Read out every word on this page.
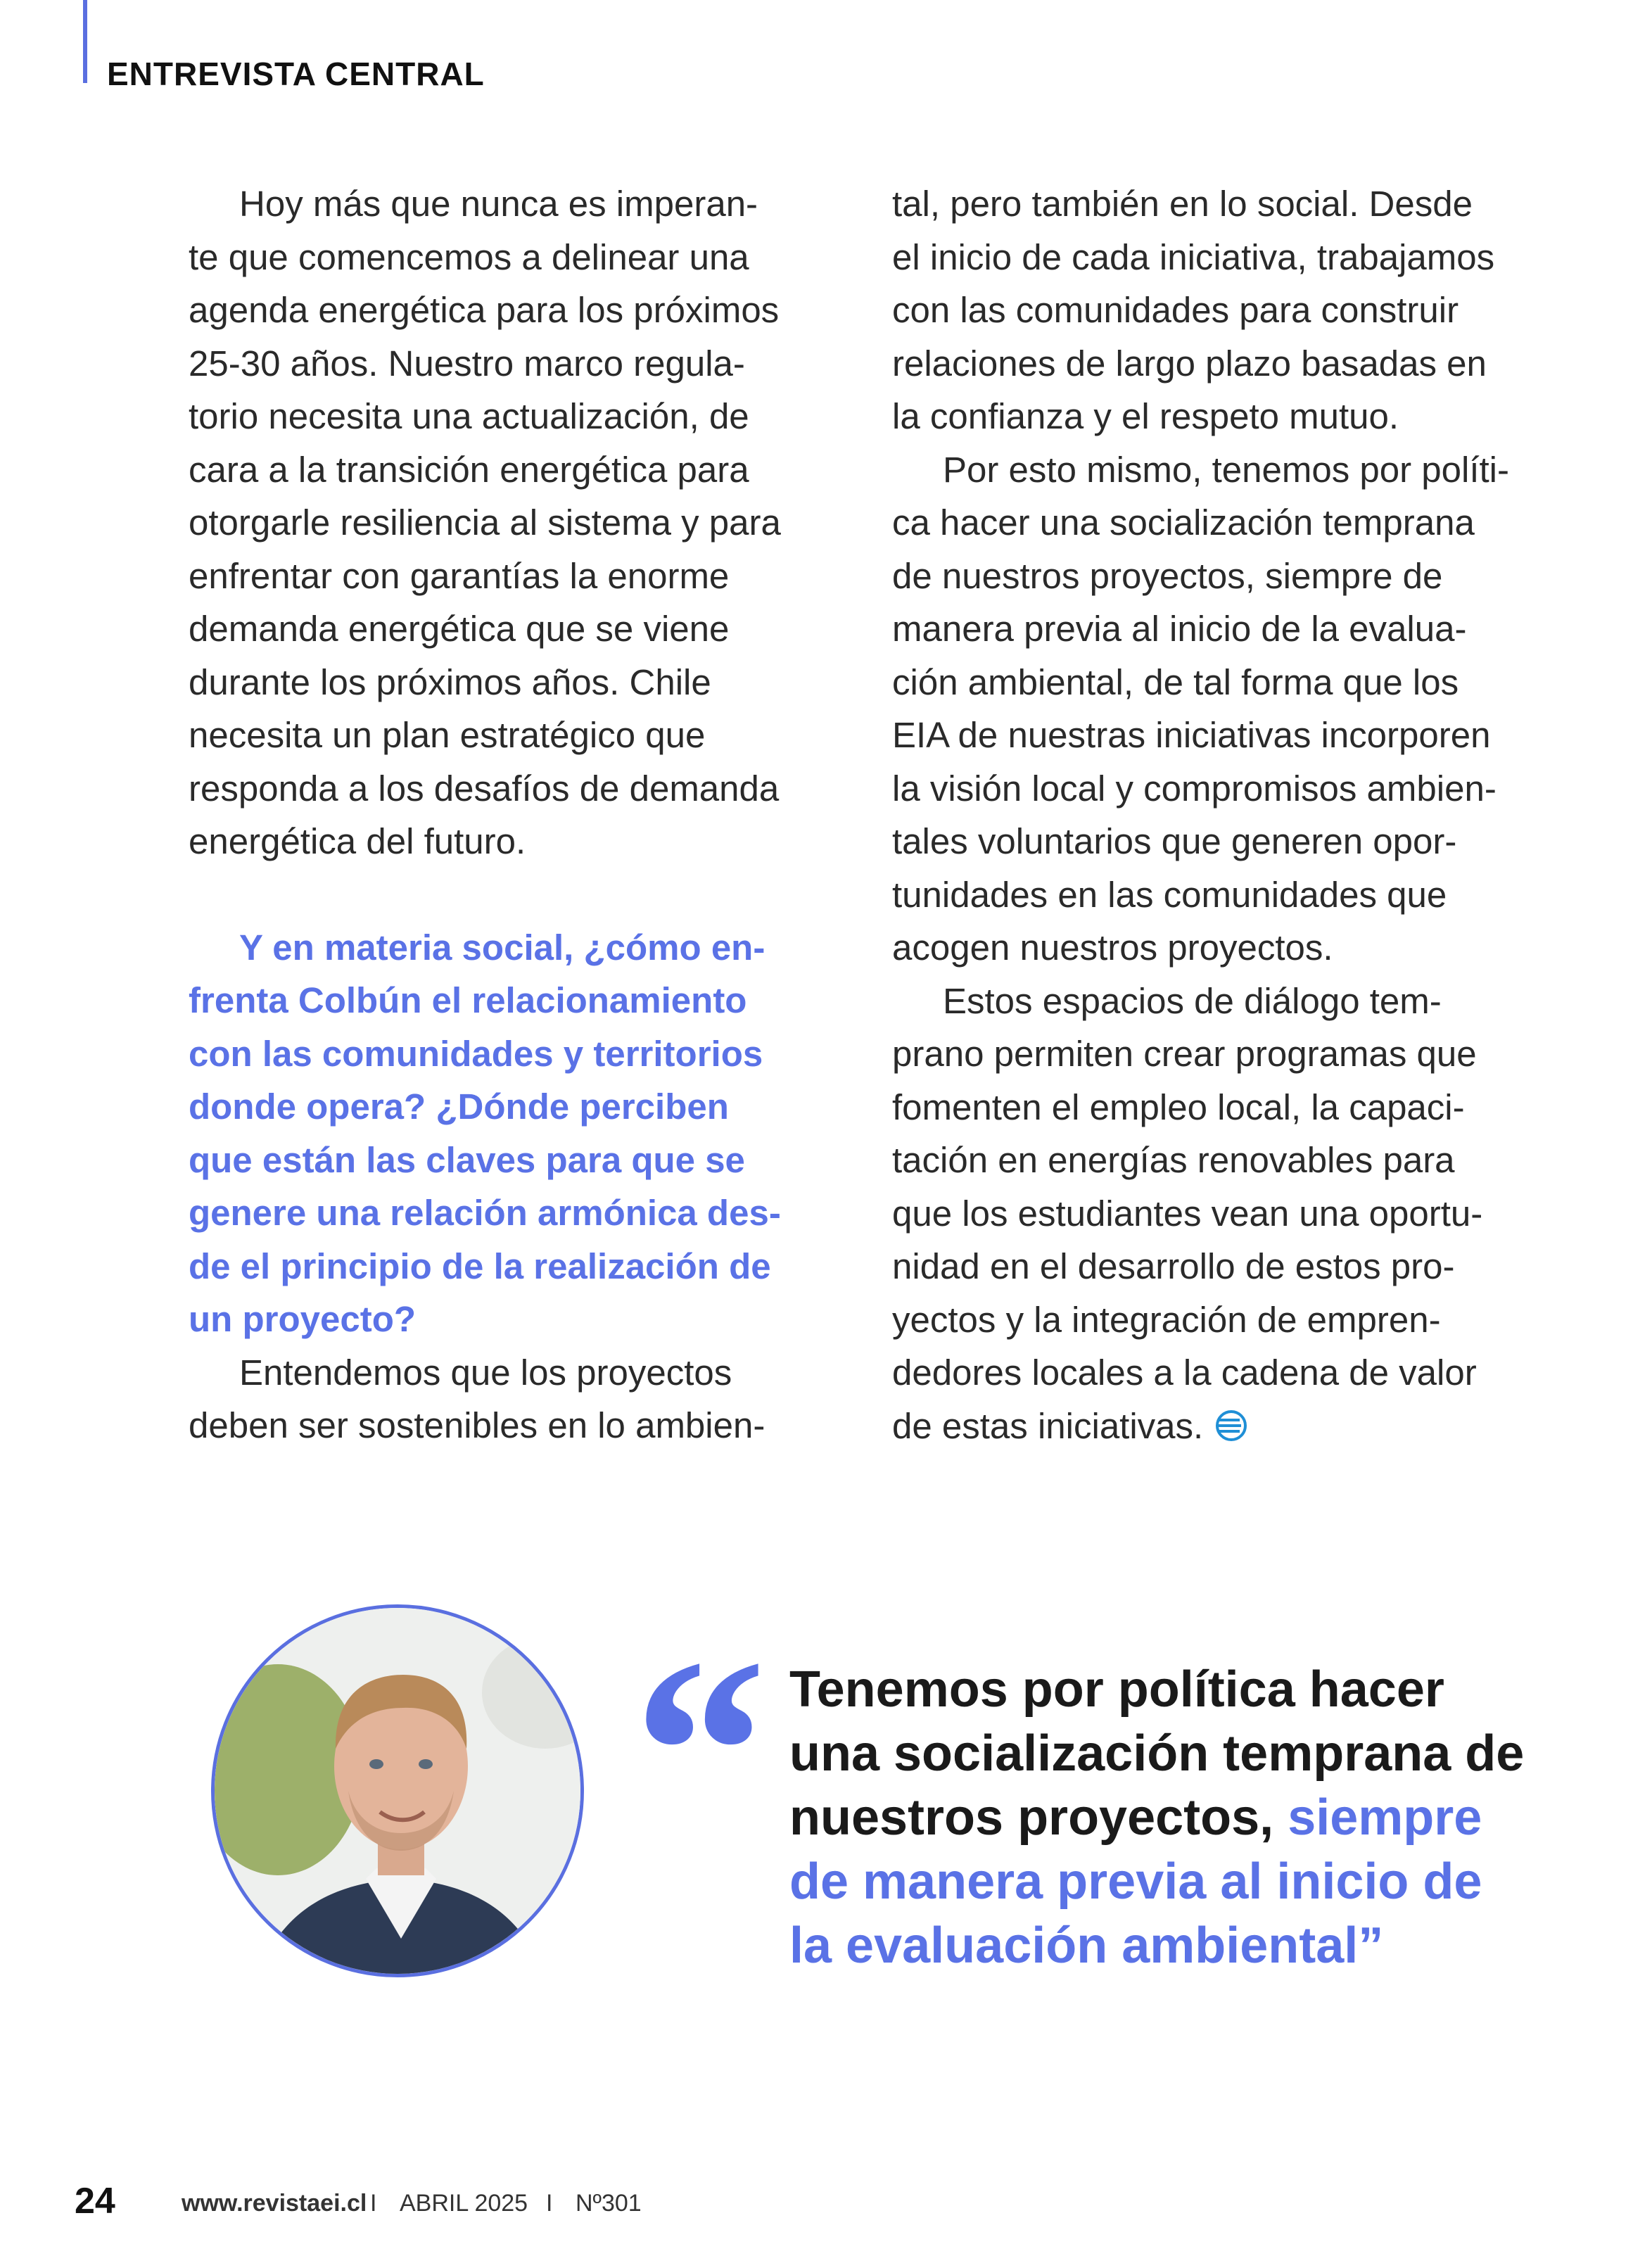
ENTREVISTA CENTRAL

Hoy más que nunca es imperan-
te que comencemos a delinear una
agenda energética para los próximos
25-30 años. Nuestro marco regula-
torio necesita una actualización, de
cara a la transición energética para
otorgarle resiliencia al sistema y para
enfrentar con garantías la enorme
demanda energética que se viene
durante los próximos años. Chile
necesita un plan estratégico que
responda a los desafíos de demanda
energética del futuro.

Y en materia social, ¿cómo en-
frenta Colbún el relacionamiento
con las comunidades y territorios
donde opera? ¿Dónde perciben
que están las claves para que se
genere una relación armónica des-
de el principio de la realización de
un proyecto?

Entendemos que los proyectos
deben ser sostenibles en lo ambien-

tal, pero también en lo social. Desde
el inicio de cada iniciativa, trabajamos
con las comunidades para construir
relaciones de largo plazo basadas en
la confianza y el respeto mutuo.

Por esto mismo, tenemos por políti-
ca hacer una socialización temprana
de nuestros proyectos, siempre de
manera previa al inicio de la evalua-
ción ambiental, de tal forma que los
EIA de nuestras iniciativas incorporen
la visión local y compromisos ambien-
tales voluntarios que generen opor-
tunidades en las comunidades que
acogen nuestros proyectos.

Estos espacios de diálogo tem-
prano permiten crear programas que
fomenten el empleo local, la capaci-
tación en energías renovables para
que los estudiantes vean una oportu-
nidad en el desarrollo de estos pro-
yectos y la integración de empren-
dedores locales a la cadena de valor
de estas iniciativas.

“ Tenemos por política hacer
una socialización temprana de
nuestros proyectos, siempre
de manera previa al inicio de
la evaluación ambiental”
24	www.revistaei.cl I ABRIL 2025 I Nº301
